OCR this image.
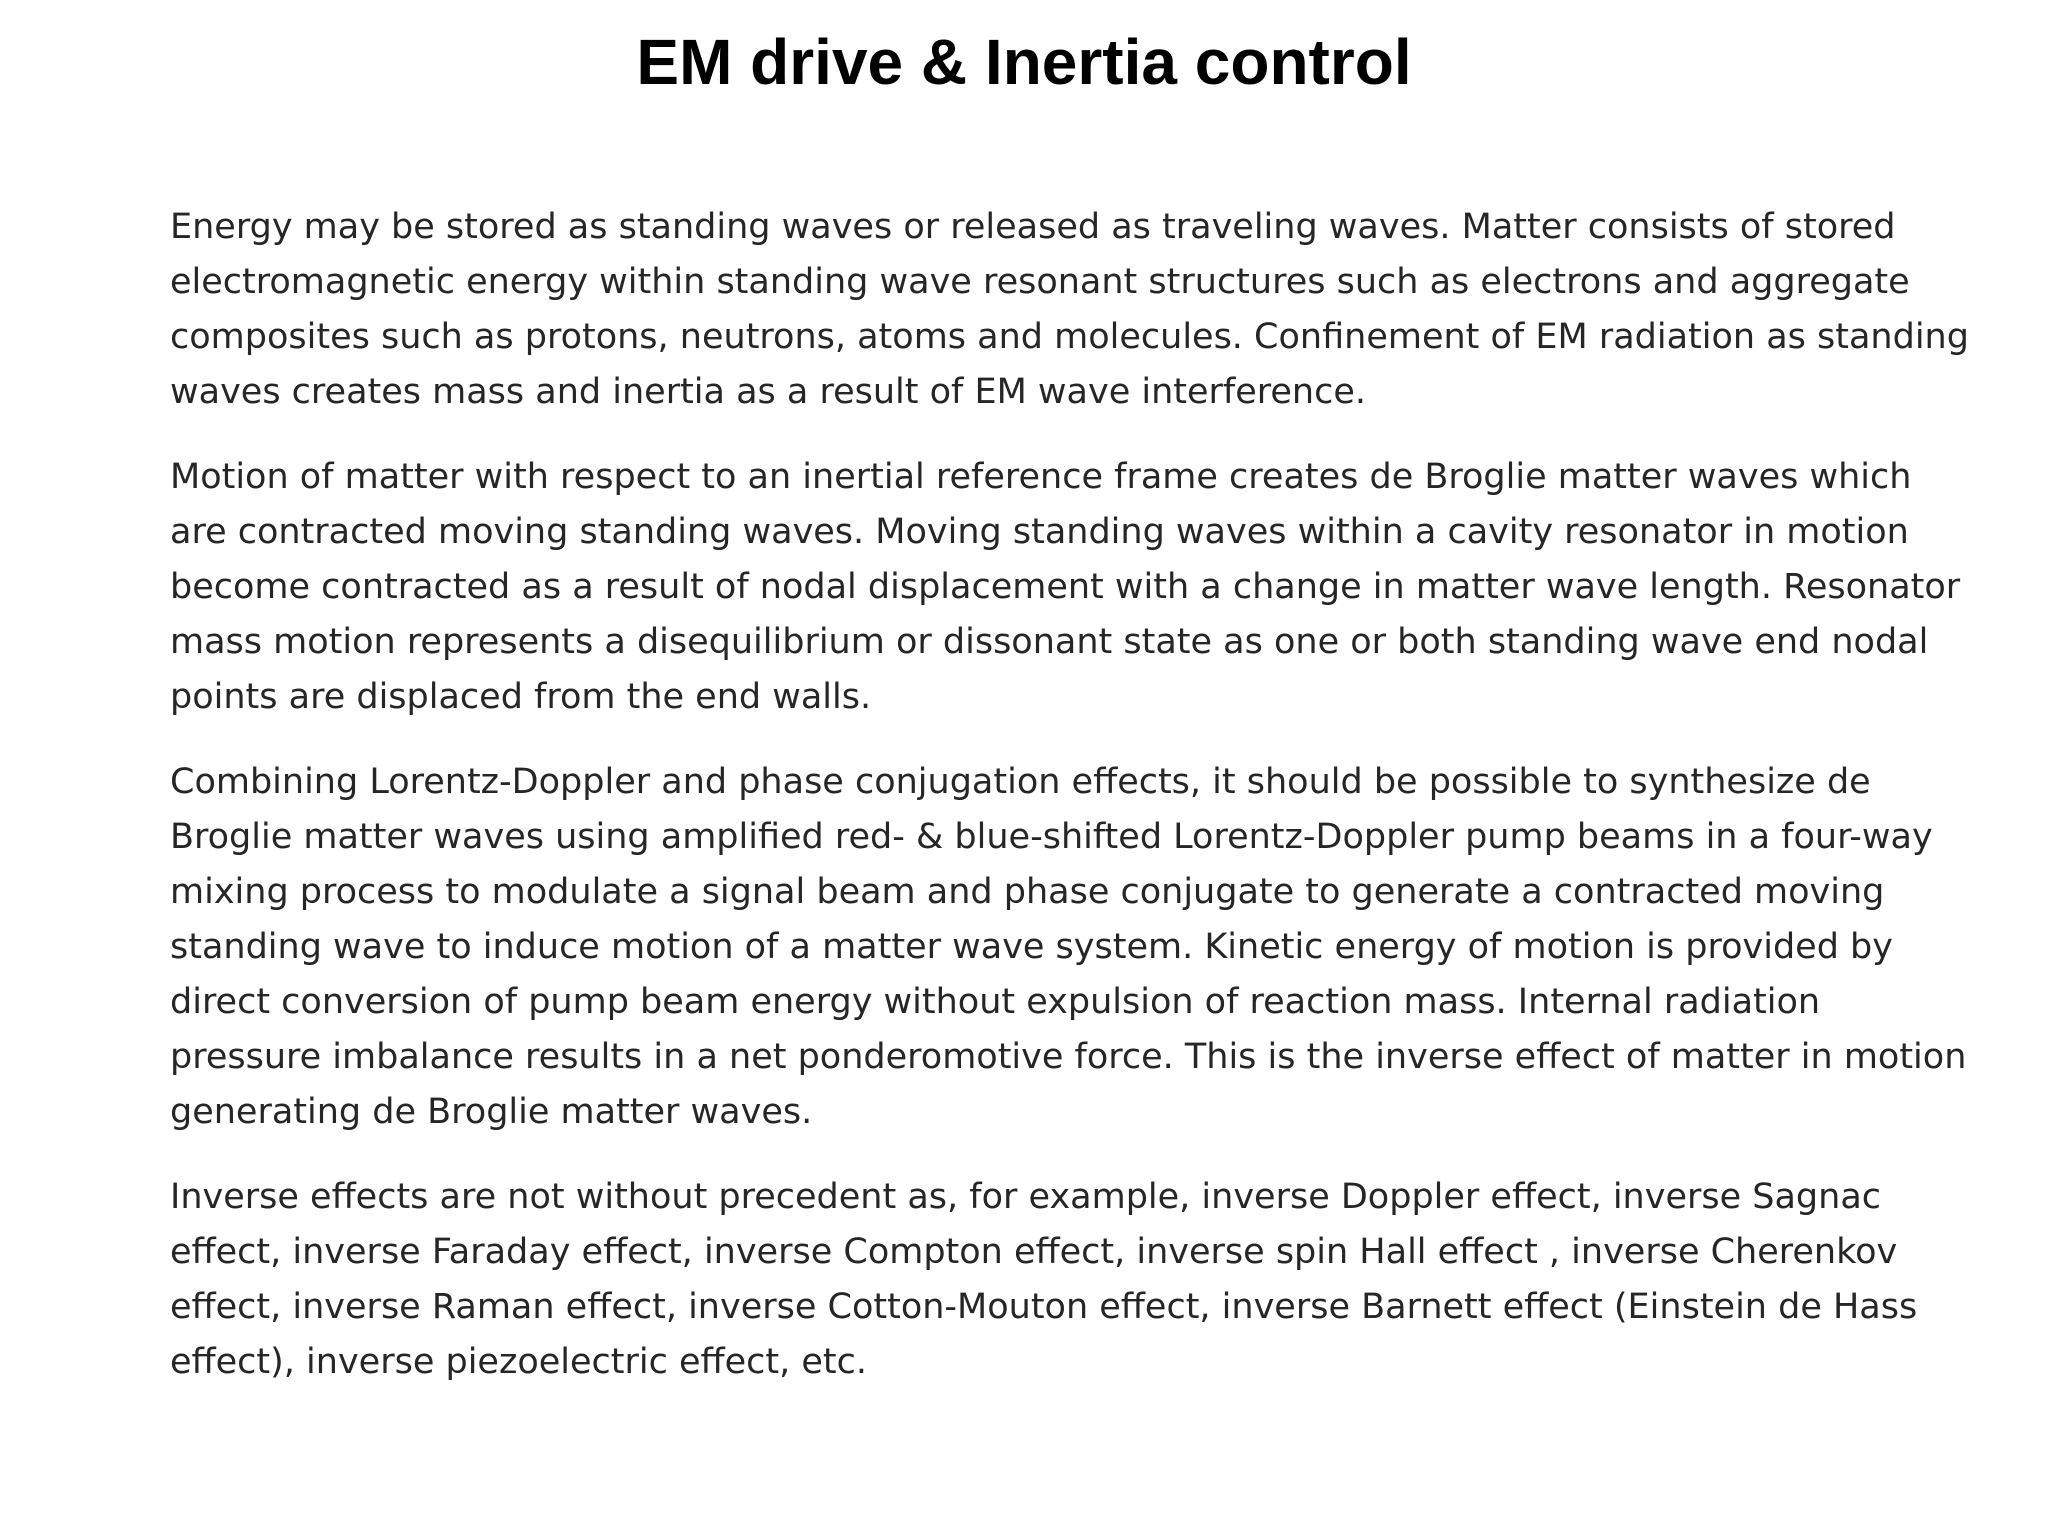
EM drive & Inertia control

Energy may be stored as standing waves or released as traveling waves. Matter consists of stored electromagnetic energy within standing wave resonant structures such as electrons and aggregate composites such as protons, neutrons, atoms and molecules. Confinement of EM radiation as standing waves creates mass and inertia as a result of EM wave interference.

Motion of matter with respect to an inertial reference frame creates de Broglie matter waves which are contracted moving standing waves. Moving standing waves within a cavity resonator in motion become contracted as a result of nodal displacement with a change in matter wave length. Resonator mass motion represents a disequilibrium or dissonant state as one or both standing wave end nodal points are displaced from the end walls.

Combining Lorentz-Doppler and phase conjugation effects, it should be possible to synthesize de Broglie matter waves using amplified red- & blue-shifted Lorentz-Doppler pump beams in a four-way mixing process to modulate a signal beam and phase conjugate to generate a contracted moving standing wave to induce motion of a matter wave system. Kinetic energy of motion is provided by direct conversion of pump beam energy without expulsion of reaction mass. Internal radiation pressure imbalance results in a net ponderomotive force. This is the inverse effect of matter in motion generating de Broglie matter waves.

Inverse effects are not without precedent as, for example, inverse Doppler effect, inverse Sagnac effect, inverse Faraday effect, inverse Compton effect, inverse spin Hall effect , inverse Cherenkov effect, inverse Raman effect, inverse Cotton-Mouton effect, inverse Barnett effect (Einstein de Hass effect), inverse piezoelectric effect, etc.
